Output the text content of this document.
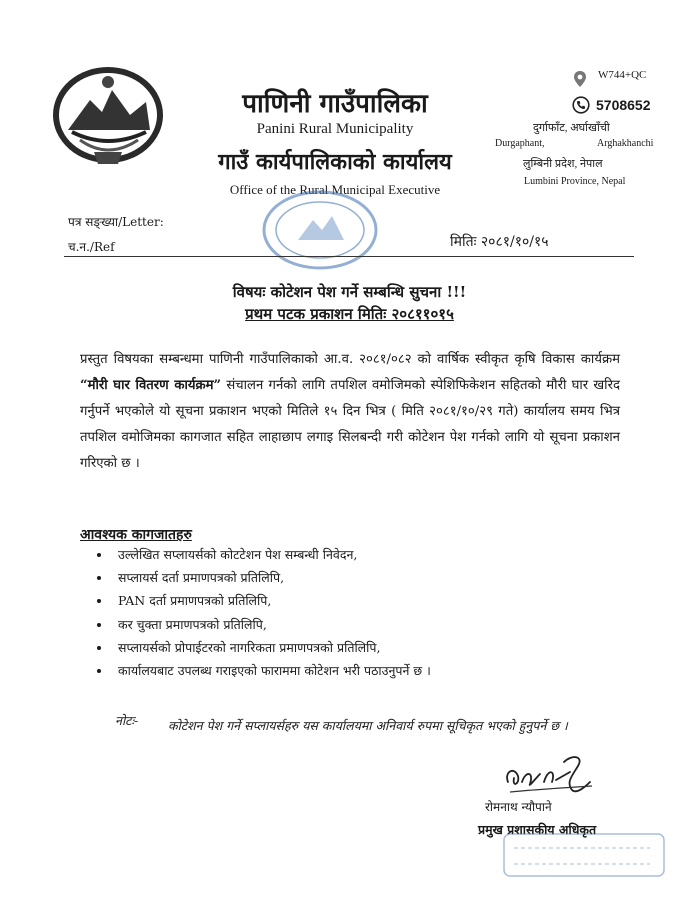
पाणिनी गाउँपालिका
Panini Rural Municipality
गाउँ कार्यपालिकाको कार्यालय
Office of the Rural Municipal Executive
W744+QC
5708652
दुर्गाफाँट, अर्घाखाँची
Durgaphant,	Arghakhanchi
लुम्बिनी प्रदेश, नेपाल
Lumbini Province, Nepal
पत्र सङ्ख्या/Letter:
च.न./Ref	मितिः २०८१/१०/१५
विषयः कोटेशन पेश गर्ने सम्बन्धि सुचना !!!
प्रथम पटक प्रकाशन मितिः २०८११०१५
प्रस्तुत विषयका सम्बन्धमा पाणिनी गाउँपालिकाको आ.व. २०८१/०८२ को वार्षिक स्वीकृत कृषि विकास कार्यक्रम “मौरी घार वितरण कार्यक्रम” संचालन गर्नको लागि तपशिल वमोजिमको स्पेशिफिकेशन सहितको मौरी घार खरिद गर्नुपर्ने भएकोले यो सूचना प्रकाशन भएको मितिले १५ दिन भित्र ( मिति २०८१/१०/२९ गते) कार्यालय समय भित्र तपशिल वमोजिमका कागजात सहित लाहाछाप लगाइ सिलबन्दी गरी कोटेशन पेश गर्नको लागि यो सूचना प्रकाशन गरिएको छ ।
आवश्यक कागजातहरु
• उल्लेखित सप्लायर्सको कोटटेशन पेश सम्बन्धी निवेदन,
• सप्लायर्स दर्ता प्रमाणपत्रको प्रतिलिपि,
• PAN दर्ता प्रमाणपत्रको प्रतिलिपि,
• कर चुक्ता प्रमाणपत्रको प्रतिलिपि,
• सप्लायर्सको प्रोपाईटरको नागरिकता प्रमाणपत्रको प्रतिलिपि,
• कार्यालयबाट उपलब्ध गराइएको फाराममा कोटेशन भरी पठाउनुपर्ने छ ।
नोटः-	कोटेशन पेश गर्ने सप्लायर्सहरु यस कार्यालयमा अनिवार्य रुपमा सूचिकृत भएको हुनुपर्ने छ ।
रोमनाथ न्यौपाने
प्रमुख प्रशासकीय अधिकृत
